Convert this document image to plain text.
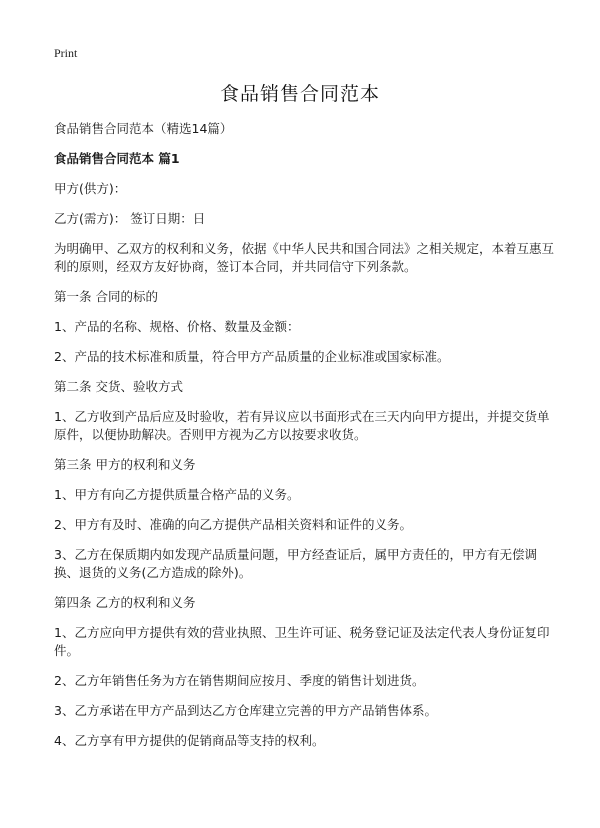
Print
食品销售合同范本

食品销售合同范本（精选14篇）

食品销售合同范本 篇1

甲方(供方)：

乙方(需方)： 签订日期：日

为明确甲、乙双方的权利和义务，依据《中华人民共和国合同法》之相关规定，本着互惠互利的原则，经双方友好协商，签订本合同，并共同信守下列条款。

第一条 合同的标的

1、产品的名称、规格、价格、数量及金额：

2、产品的技术标准和质量，符合甲方产品质量的企业标准或国家标准。

第二条 交货、验收方式

1、乙方收到产品后应及时验收，若有异议应以书面形式在三天内向甲方提出，并提交货单原件，以便协助解决。否则甲方视为乙方以按要求收货。

第三条 甲方的权利和义务

1、甲方有向乙方提供质量合格产品的义务。

2、甲方有及时、准确的向乙方提供产品相关资料和证件的义务。

3、乙方在保质期内如发现产品质量问题，甲方经查证后，属甲方责任的，甲方有无偿调换、退货的义务(乙方造成的除外)。

第四条 乙方的权利和义务

1、乙方应向甲方提供有效的营业执照、卫生许可证、税务登记证及法定代表人身份证复印件。

2、乙方年销售任务为方在销售期间应按月、季度的销售计划进货。

3、乙方承诺在甲方产品到达乙方仓库建立完善的甲方产品销售体系。

4、乙方享有甲方提供的促销商品等支持的权利。
